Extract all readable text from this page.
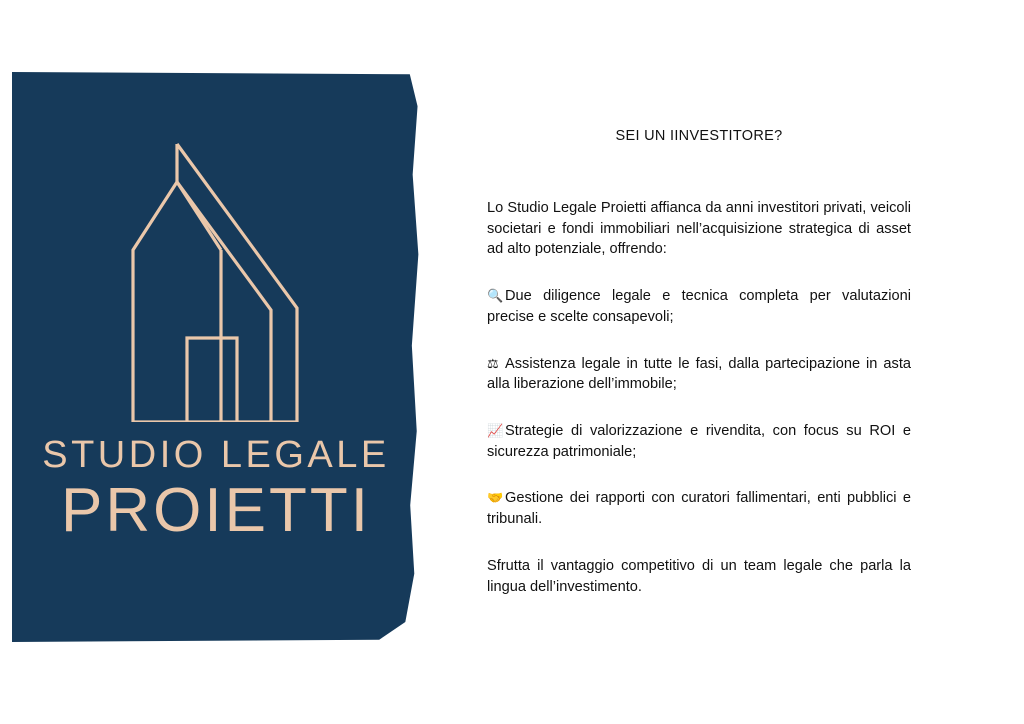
STUDIO LEGALE
PROIETTI

SEI UN IINVESTITORE?

Lo Studio Legale Proietti affianca da anni investitori privati, veicoli societari e fondi immobiliari nell’acquisizione strategica di asset ad alto potenziale, offrendo:

🔍 Due diligence legale e tecnica completa per valutazioni precise e scelte consapevoli;

⚖ Assistenza legale in tutte le fasi, dalla partecipazione in asta alla liberazione dell’immobile;

📈 Strategie di valorizzazione e rivendita, con focus su ROI e sicurezza patrimoniale;

🤝 Gestione dei rapporti con curatori fallimentari, enti pubblici e tribunali.

Sfrutta il vantaggio competitivo di un team legale che parla la lingua dell’investimento.
